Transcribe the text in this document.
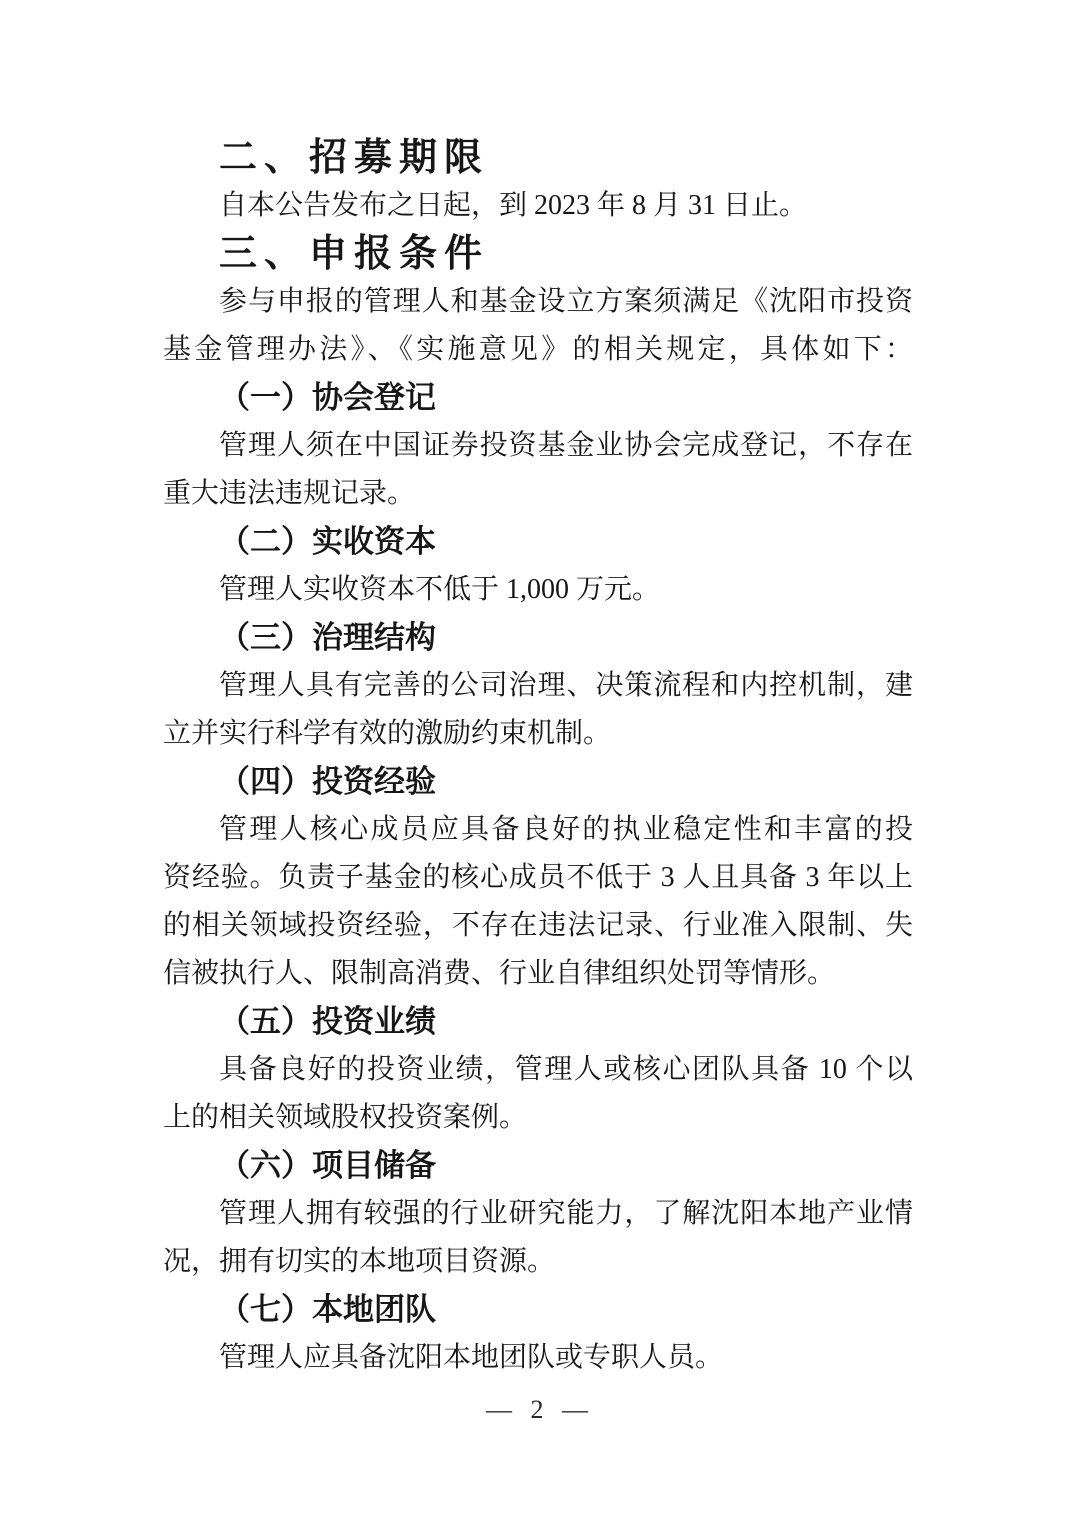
二、招募期限
自本公告发布之日起，到 2023 年 8 月 31 日止。
三、申报条件
参与申报的管理人和基金设立方案须满足《沈阳市投资
基金管理办法》、《实施意见》的相关规定，具体如下：
（一）协会登记
管理人须在中国证券投资基金业协会完成登记，不存在
重大违法违规记录。
（二）实收资本
管理人实收资本不低于 1,000 万元。
（三）治理结构
管理人具有完善的公司治理、决策流程和内控机制，建
立并实行科学有效的激励约束机制。
（四）投资经验
管理人核心成员应具备良好的执业稳定性和丰富的投
资经验。负责子基金的核心成员不低于 3 人且具备 3 年以上
的相关领域投资经验，不存在违法记录、行业准入限制、失
信被执行人、限制高消费、行业自律组织处罚等情形。
（五）投资业绩
具备良好的投资业绩，管理人或核心团队具备 10 个以
上的相关领域股权投资案例。
（六）项目储备
管理人拥有较强的行业研究能力，了解沈阳本地产业情
况，拥有切实的本地项目资源。
（七）本地团队
管理人应具备沈阳本地团队或专职人员。
— 2 —
